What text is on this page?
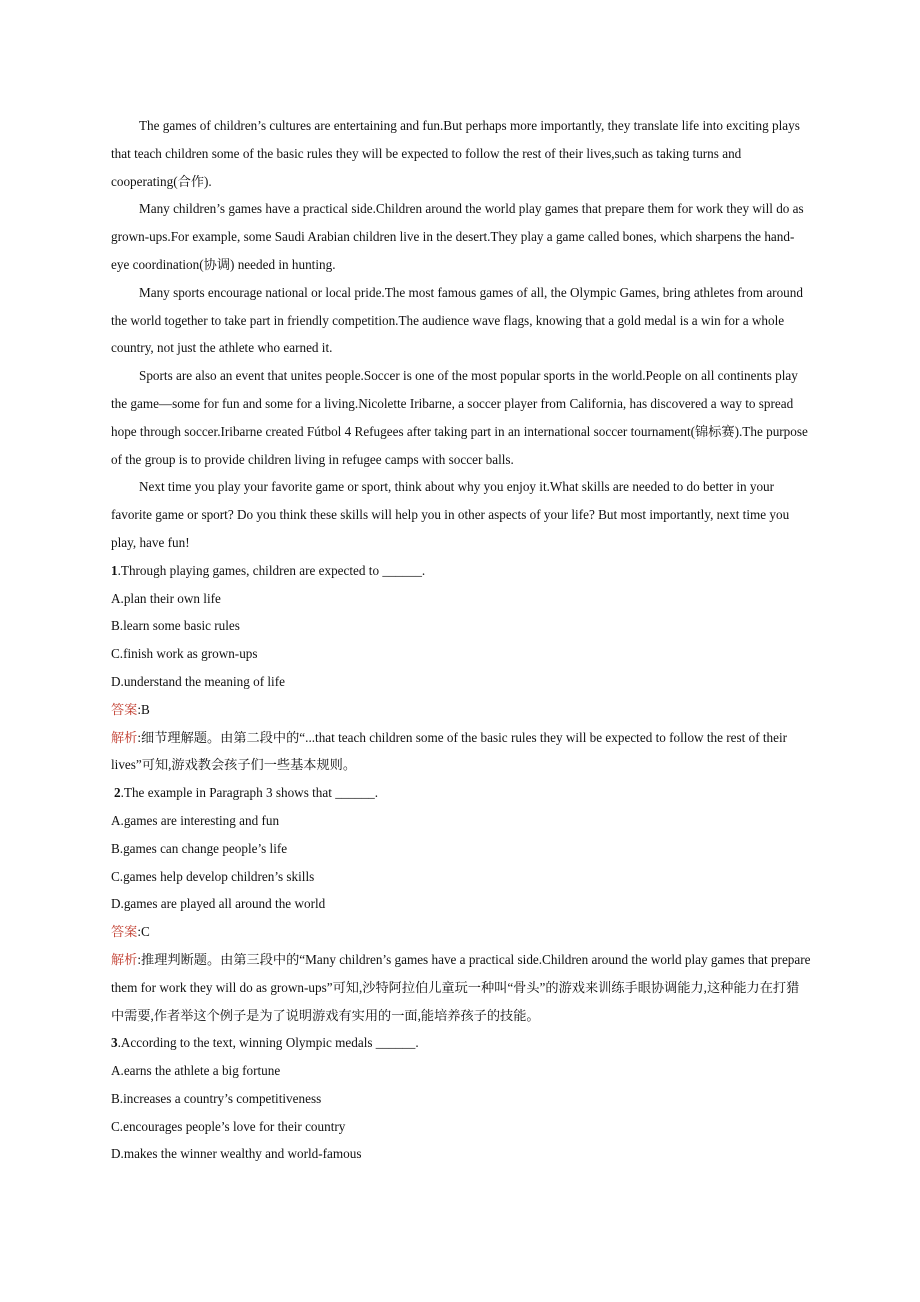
The games of children’s cultures are entertaining and fun.But perhaps more importantly, they translate life into exciting plays that teach children some of the basic rules they will be expected to follow the rest of their lives,such as taking turns and cooperating(合作).

Many children’s games have a practical side.Children around the world play games that prepare them for work they will do as grown-ups.For example, some Saudi Arabian children live in the desert.They play a game called bones, which sharpens the hand-eye coordination(协调) needed in hunting.

Many sports encourage national or local pride.The most famous games of all, the Olympic Games, bring athletes from around the world together to take part in friendly competition.The audience wave flags, knowing that a gold medal is a win for a whole country, not just the athlete who earned it.

Sports are also an event that unites people.Soccer is one of the most popular sports in the world.People on all continents play the game—some for fun and some for a living.Nicolette Iribarne, a soccer player from California, has discovered a way to spread hope through soccer.Iribarne created Fútbol 4 Refugees after taking part in an international soccer tournament(锦标赛).The purpose of the group is to provide children living in refugee camps with soccer balls.

Next time you play your favorite game or sport, think about why you enjoy it.What skills are needed to do better in your favorite game or sport? Do you think these skills will help you in other aspects of your life? But most importantly, next time you play, have fun!

1.Through playing games, children are expected to ______.

A.plan their own life

B.learn some basic rules

C.finish work as grown-ups

D.understand the meaning of life

答案:B

解析:细节理解题。由第二段中的“...that teach children some of the basic rules they will be expected to follow the rest of their lives”可知,游戏教会孩子们一些基本规则。

2.The example in Paragraph 3 shows that ______.

A.games are interesting and fun

B.games can change people’s life

C.games help develop children’s skills

D.games are played all around the world

答案:C

解析:推理判断题。由第三段中的“Many children’s games have a practical side.Children around the world play games that prepare them for work they will do as grown-ups”可知,沙特阿拉伯儿童玩一种叫“骨头”的游戏来训练手眼协调能力,这种能力在打猎中需要,作者举这个例子是为了说明游戏有实用的一面,能培养孩子的技能。

3.According to the text, winning Olympic medals ______.

A.earns the athlete a big fortune

B.increases a country’s competitiveness

C.encourages people’s love for their country

D.makes the winner wealthy and world-famous
